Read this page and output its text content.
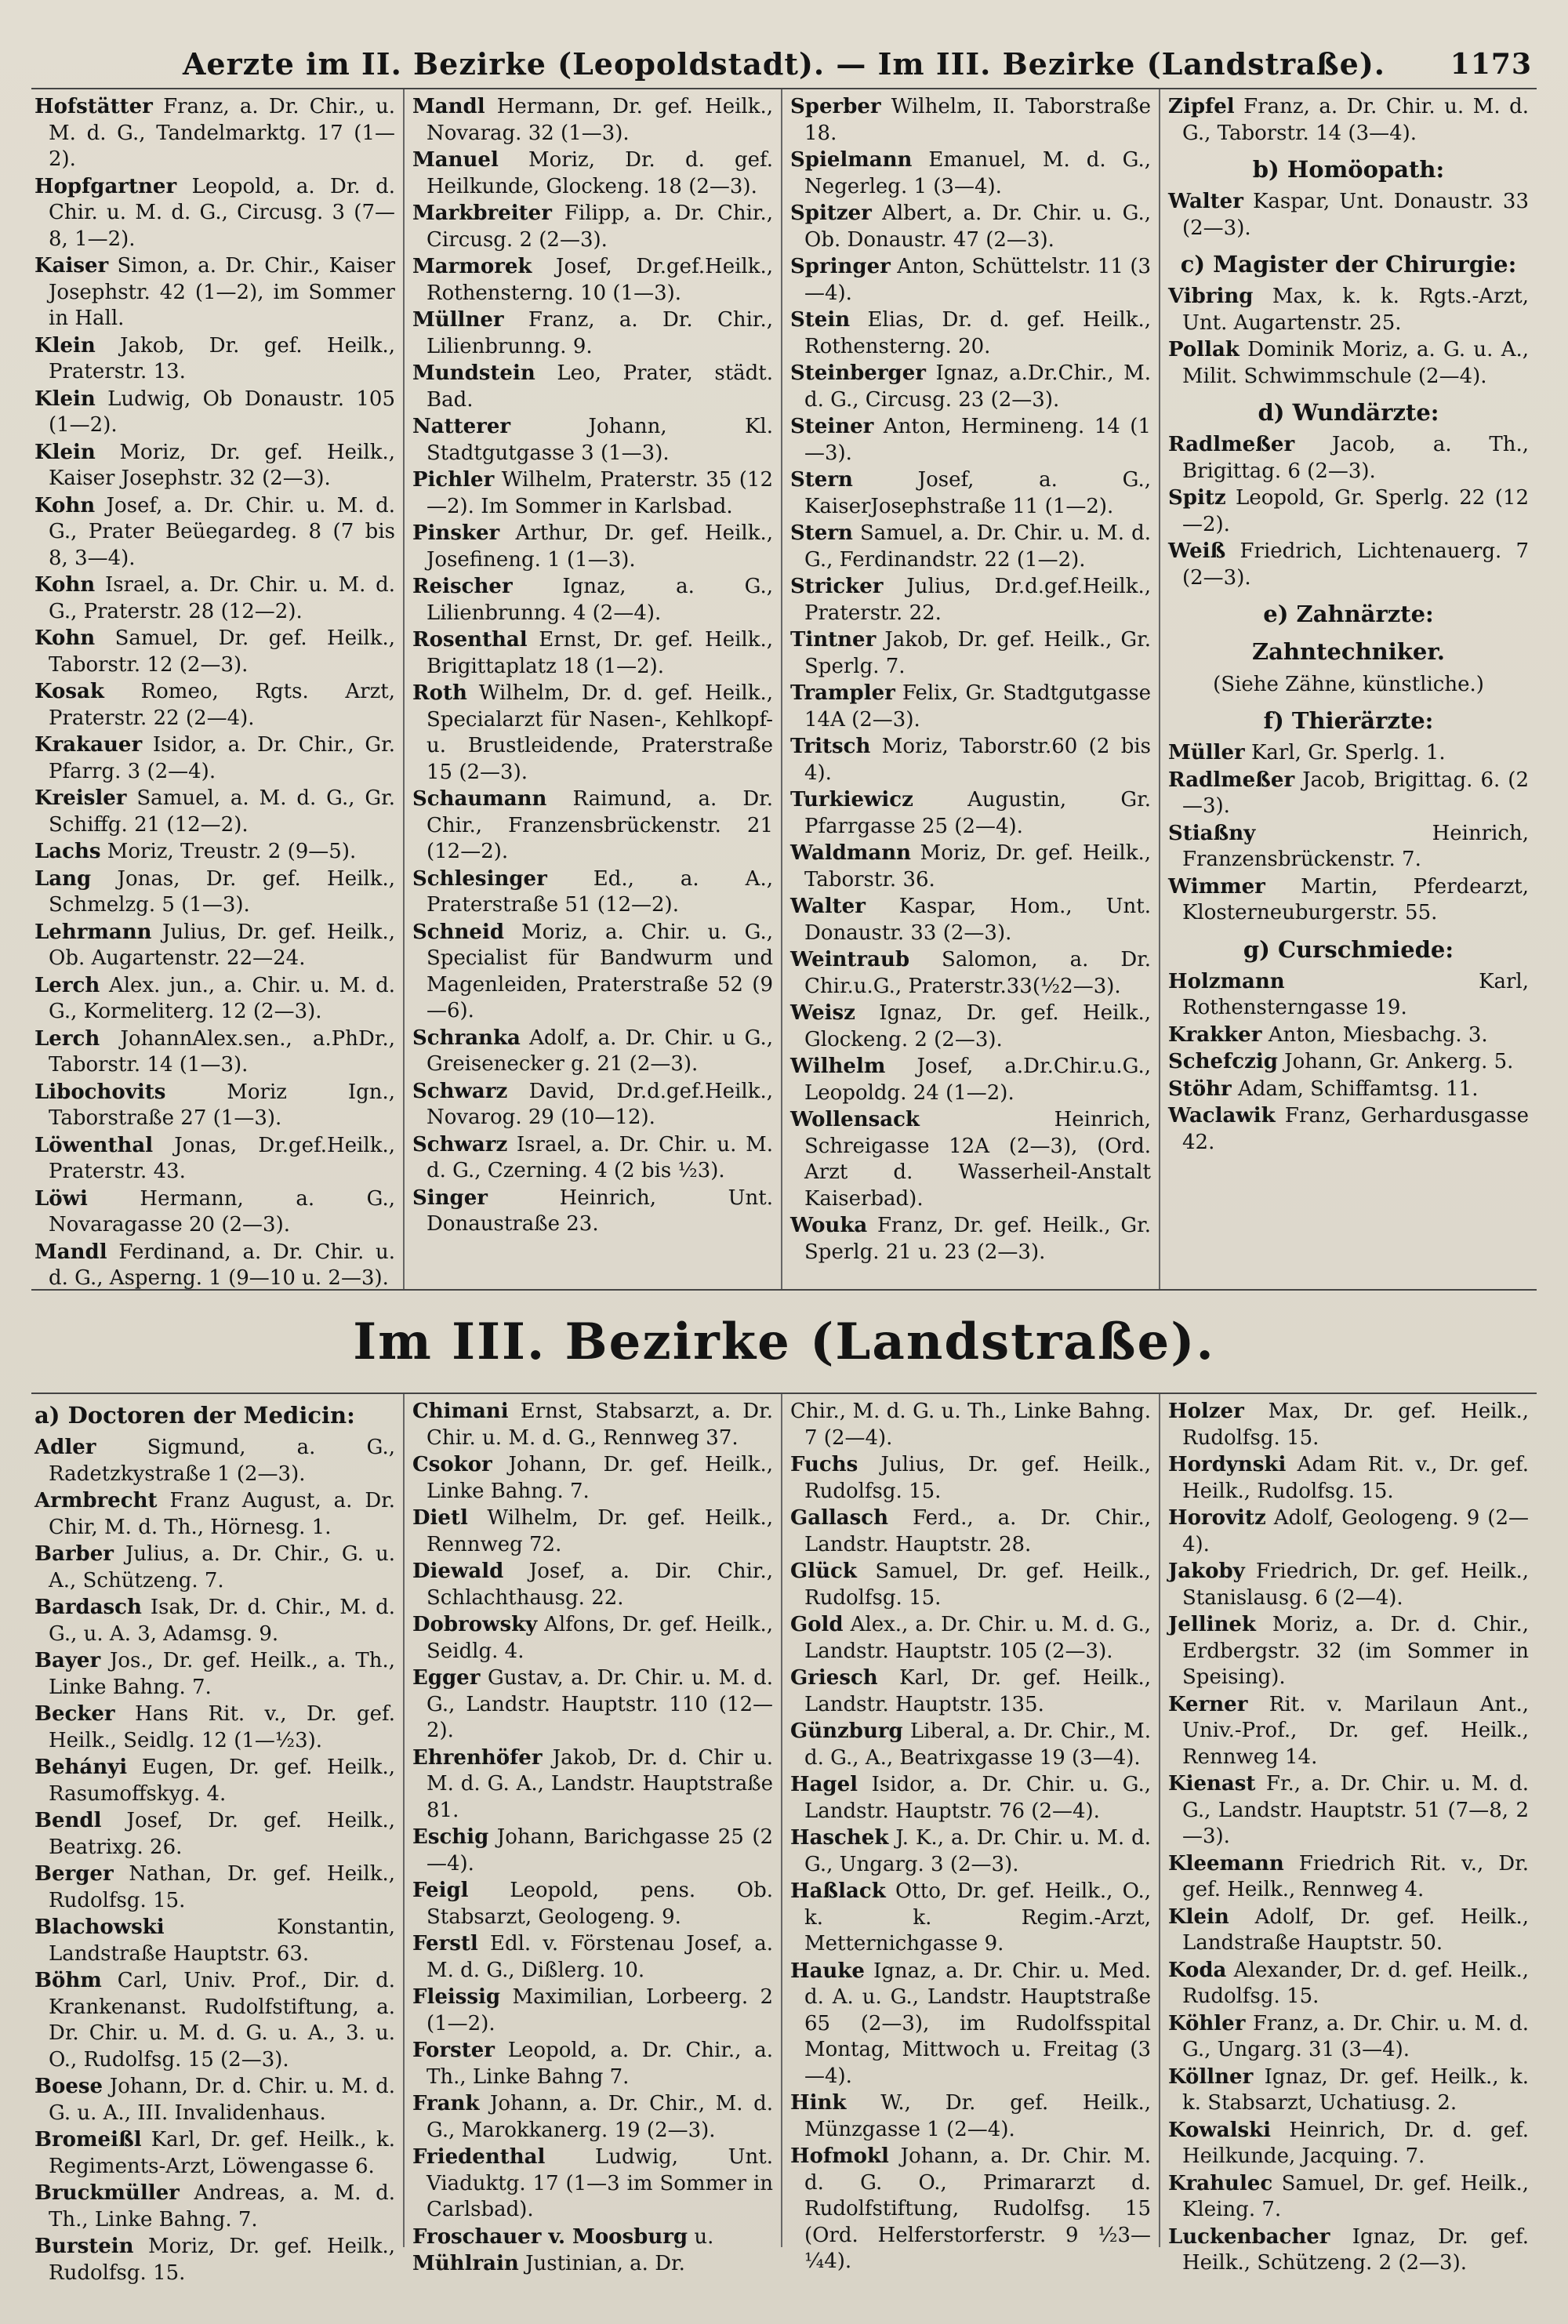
Aerzte im II. Bezirke (Leopoldstadt). — Im III. Bezirke (Landstraße). 1173
Hofstätter Franz, a. Dr. Chir., u. M. d. G., Tandelmarktg. 17 (1—2).
Hopfgartner Leopold, a. Dr. d. Chir. u. M. d. G., Circusg. 3 (7—8, 1—2).
Kaiser Simon, a. Dr. Chir., Kaiser Josephstr. 42 (1—2), im Sommer in Hall.
Klein Jakob, Dr. gef. Heilk., Praterstr. 13.
Klein Ludwig, Ob Donaustr. 105 (1—2).
Klein Moriz, Dr. gef. Heilk., Kaiser Josephstr. 32 (2—3).
Kohn Josef, a. Dr. Chir. u. M. d. G., Prater Beüegardeg. 8 (7 bis 8, 3—4).
Kohn Israel, a. Dr. Chir. u. M. d. G., Praterstr. 28 (12—2).
Kohn Samuel, Dr. gef. Heilk., Taborstr. 12 (2—3).
Kosak Romeo, Rgts. Arzt, Praterstr. 22 (2—4).
Krakauer Isidor, a. Dr. Chir., Gr. Pfarrg. 3 (2—4).
Kreisler Samuel, a. M. d. G., Gr. Schiffg. 21 (12—2).
Lachs Moriz, Treustr. 2 (9—5).
Lang Jonas, Dr. gef. Heilk., Schmelzg. 5 (1—3).
Lehrmann Julius, Dr. gef. Heilk., Ob. Augartenstr. 22—24.
Lerch Alex. jun., a. Chir. u. M. d. G., Kormeliterg. 12 (2—3).
Lerch JohannAlex.sen., a.PhDr., Taborstr. 14 (1—3).
Libochovits	Moriz Ign., Taborstraße 27 (1—3).
Löwenthal Jonas, Dr.gef.Heilk., Praterstr. 43.
Löwi	Hermann, a. G., Novaragasse 20 (2—3).
Mandl Ferdinand, a. Dr. Chir. u. d. G., Asperng. 1 (9—10 u. 2—3).
Mandl Hermann, Dr. gef. Heilk., Novarag. 32 (1—3).
Manuel Moriz, Dr. d. gef. Heilkunde, Glockeng. 18 (2—3).
Markbreiter Filipp, a. Dr. Chir., Circusg. 2 (2—3).
Marmorek Josef, Dr.gef.Heilk., Rothensterng. 10 (1—3).
Müllner Franz, a. Dr. Chir., Lilienbrunng. 9.
Mundstein Leo, Prater, städt. Bad.
Natterer	Johann, Kl. Stadtgutgasse 3 (1—3).
Pichler Wilhelm, Praterstr. 35 (12—2). Im Sommer in Karlsbad.
Pinsker Arthur, Dr. gef. Heilk., Josefineng. 1 (1—3).
Reischer Ignaz, a. G., Lilienbrunng. 4 (2—4).
Rosenthal Ernst, Dr. gef. Heilk., Brigittaplatz 18 (1—2).
Roth Wilhelm, Dr. d. gef. Heilk., Specialarzt für Nasen-, Kehlkopf- u. Brustleidende, Praterstraße 15 (2—3).
Schaumann Raimund, a. Dr. Chir., Franzensbrückenstr. 21 (12—2).
Schlesinger Ed., a. A., Praterstraße 51 (12—2).
Schneid Moriz, a. Chir. u. G., Specialist für Bandwurm und Magenleiden, Praterstraße 52 (9—6).
Schranka Adolf, a. Dr. Chir. u G., Greisenecker g. 21 (2—3).
Schwarz David, Dr.d.gef.Heilk., Novarog. 29 (10—12).
Schwarz Israel, a. Dr. Chir. u. M. d. G., Czerning. 4 (2 bis ½3).
Singer	Heinrich, Unt. Donaustraße 23.
Sperber Wilhelm, II. Taborstraße 18.
Spielmann Emanuel, M. d. G., Negerleg. 1 (3—4).
Spitzer Albert, a. Dr. Chir. u. G., Ob. Donaustr. 47 (2—3).
Springer Anton, Schüttelstr. 11 (3—4).
Stein Elias, Dr. d. gef. Heilk., Rothensterng. 20.
Steinberger Ignaz, a.Dr.Chir., M. d. G., Circusg. 23 (2—3).
Steiner Anton, Hermineng. 14 (1—3).
Stern	Josef, a. G., KaiserJosephstraße 11 (1—2).
Stern Samuel, a. Dr. Chir. u. M. d. G., Ferdinandstr. 22 (1—2).
Stricker Julius, Dr.d.gef.Heilk., Praterstr. 22.
Tintner Jakob, Dr. gef. Heilk., Gr. Sperlg. 7.
Trampler Felix, Gr. Stadtgutgasse 14A (2—3).
Tritsch Moriz, Taborstr.60 (2 bis 4).
Turkiewicz	Augustin, Gr. Pfarrgasse 25 (2—4).
Waldmann Moriz, Dr. gef. Heilk., Taborstr. 36.
Walter Kaspar, Hom., Unt. Donaustr. 33 (2—3).
Weintraub Salomon, a. Dr. Chir.u.G., Praterstr.33(½2—3).
Weisz Ignaz, Dr. gef. Heilk., Glockeng. 2 (2—3).
Wilhelm Josef, a.Dr.Chir.u.G., Leopoldg. 24 (1—2).
Wollensack	Heinrich, Schreigasse 12A (2—3), (Ord. Arzt d. Wasserheil-Anstalt Kaiserbad).
Wouka Franz, Dr. gef. Heilk., Gr. Sperlg. 21 u. 23 (2—3).
Zipfel Franz, a. Dr. Chir. u. M. d. G., Taborstr. 14 (3—4).
b) Homöopath:
Walter Kaspar, Unt. Donaustr. 33 (2—3).
c) Magister der Chirurgie:
Vibring Max, k. k. Rgts.-Arzt, Unt. Augartenstr. 25.
Pollak Dominik Moriz, a. G. u. A., Milit. Schwimmschule (2—4).
d) Wundärzte:
Radlmeßer Jacob, a. Th., Brigittag. 6 (2—3).
Spitz Leopold, Gr. Sperlg. 22 (12—2).
Weiß Friedrich, Lichtenauerg. 7 (2—3).
e) Zahnärzte:
Zahntechniker.
(Siehe Zähne, künstliche.)
f) Thierärzte:
Müller Karl, Gr. Sperlg. 1.
Radlmeßer Jacob, Brigittag. 6. (2—3).
Stiaßny	Heinrich, Franzensbrückenstr. 7.
Wimmer Martin, Pferdearzt, Klosterneuburgerstr. 55.
g) Curschmiede:
Holzmann	Karl, Rothensterngasse 19.
Krakker Anton, Miesbachg. 3.
Schefczig Johann, Gr. Ankerg. 5.
Stöhr Adam, Schiffamtsg. 11.
Waclawik Franz, Gerhardusgasse 42.
Im III. Bezirke (Landstraße).
a) Doctoren der Medicin:
Adler	Sigmund, a. G., Radetzkystraße 1 (2—3).
Armbrecht Franz August, a. Dr. Chir, M. d. Th., Hörnesg. 1.
Barber Julius, a. Dr. Chir., G. u. A., Schützeng. 7.
Bardasch Isak, Dr. d. Chir., M. d. G., u. A. 3, Adamsg. 9.
Bayer Jos., Dr. gef. Heilk., a. Th., Linke Bahng. 7.
Becker Hans Rit. v., Dr. gef. Heilk., Seidlg. 12 (1—½3).
Behányi Eugen, Dr. gef. Heilk., Rasumoffskyg. 4.
Bendl Josef, Dr. gef. Heilk., Beatrixg. 26.
Berger Nathan, Dr. gef. Heilk., Rudolfsg. 15.
Blachowski	Konstantin, Landstraße Hauptstr. 63.
Böhm Carl, Univ. Prof., Dir. d. Krankenanst. Rudolfstiftung, a. Dr. Chir. u. M. d. G. u. A., 3. u. O., Rudolfsg. 15 (2—3).
Boese Johann, Dr. d. Chir. u. M. d. G. u. A., III. Invalidenhaus.
Bromeißl Karl, Dr. gef. Heilk., k. Regiments-Arzt, Löwengasse 6.
Bruckmüller Andreas, a. M. d. Th., Linke Bahng. 7.
Burstein Moriz, Dr. gef. Heilk., Rudolfsg. 15.
Chimani Ernst, Stabsarzt, a. Dr. Chir. u. M. d. G., Rennweg 37.
Csokor Johann, Dr. gef. Heilk., Linke Bahng. 7.
Dietl Wilhelm, Dr. gef. Heilk., Rennweg 72.
Diewald Josef, a. Dir. Chir., Schlachthausg. 22.
Dobrowsky Alfons, Dr. gef. Heilk., Seidlg. 4.
Egger Gustav, a. Dr. Chir. u. M. d. G., Landstr. Hauptstr. 110 (12—2).
Ehrenhöfer Jakob, Dr. d. Chir u. M. d. G. A., Landstr. Hauptstraße 81.
Eschig Johann, Barichgasse 25 (2—4).
Feigl Leopold, pens. Ob. Stabsarzt, Geologeng. 9.
Ferstl Edl. v. Förstenau Josef, a. M. d. G., Dißlerg. 10.
Fleissig Maximilian, Lorbeerg. 2 (1—2).
Forster Leopold, a. Dr. Chir., a. Th., Linke Bahng 7.
Frank Johann, a. Dr. Chir., M. d. G., Marokkanerg. 19 (2—3).
Friedenthal Ludwig, Unt. Viaduktg. 17 (1—3 im Sommer in Carlsbad).
Froschauer v. Moosburg u.
Mühlrain Justinian, a. Dr.
Chir., M. d. G. u. Th., Linke Bahng. 7 (2—4).
Fuchs Julius, Dr. gef. Heilk., Rudolfsg. 15.
Gallasch Ferd., a. Dr. Chir., Landstr. Hauptstr. 28.
Glück Samuel, Dr. gef. Heilk., Rudolfsg. 15.
Gold Alex., a. Dr. Chir. u. M. d. G., Landstr. Hauptstr. 105 (2—3).
Griesch Karl, Dr. gef. Heilk., Landstr. Hauptstr. 135.
Günzburg Liberal, a. Dr. Chir., M. d. G., A., Beatrixgasse 19 (3—4).
Hagel Isidor, a. Dr. Chir. u. G., Landstr. Hauptstr. 76 (2—4).
Haschek J. K., a. Dr. Chir. u. M. d. G., Ungarg. 3 (2—3).
Haßlack Otto, Dr. gef. Heilk., O., k. k. Regim.-Arzt, Metternichgasse 9.
Hauke Ignaz, a. Dr. Chir. u. Med. d. A. u. G., Landstr. Hauptstraße 65 (2—3), im Rudolfsspital Montag, Mittwoch u. Freitag (3—4).
Hink W., Dr. gef. Heilk., Münzgasse 1 (2—4).
Hofmokl Johann, a. Dr. Chir. M. d. G. O., Primararzt d. Rudolfstiftung, Rudolfsg. 15 (Ord. Helferstorferstr. 9 ½3—¼4).
Holzer Max, Dr. gef. Heilk., Rudolfsg. 15.
Hordynski Adam Rit. v., Dr. gef. Heilk., Rudolfsg. 15.
Horovitz Adolf, Geologeng. 9 (2—4).
Jakoby Friedrich, Dr. gef. Heilk., Stanislausg. 6 (2—4).
Jellinek Moriz, a. Dr. d. Chir., Erdbergstr. 32 (im Sommer in Speising).
Kerner Rit. v. Marilaun Ant., Univ.-Prof., Dr. gef. Heilk., Rennweg 14.
Kienast Fr., a. Dr. Chir. u. M. d. G., Landstr. Hauptstr. 51 (7—8, 2—3).
Kleemann Friedrich Rit. v., Dr. gef. Heilk., Rennweg 4.
Klein Adolf, Dr. gef. Heilk., Landstraße Hauptstr. 50.
Koda Alexander, Dr. d. gef. Heilk., Rudolfsg. 15.
Köhler Franz, a. Dr. Chir. u. M. d. G., Ungarg. 31 (3—4).
Köllner Ignaz, Dr. gef. Heilk., k. k. Stabsarzt, Uchatiusg. 2.
Kowalski Heinrich, Dr. d. gef. Heilkunde, Jacquing. 7.
Krahulec Samuel, Dr. gef. Heilk., Kleing. 7.
Luckenbacher Ignaz, Dr. gef. Heilk., Schützeng. 2 (2—3).
